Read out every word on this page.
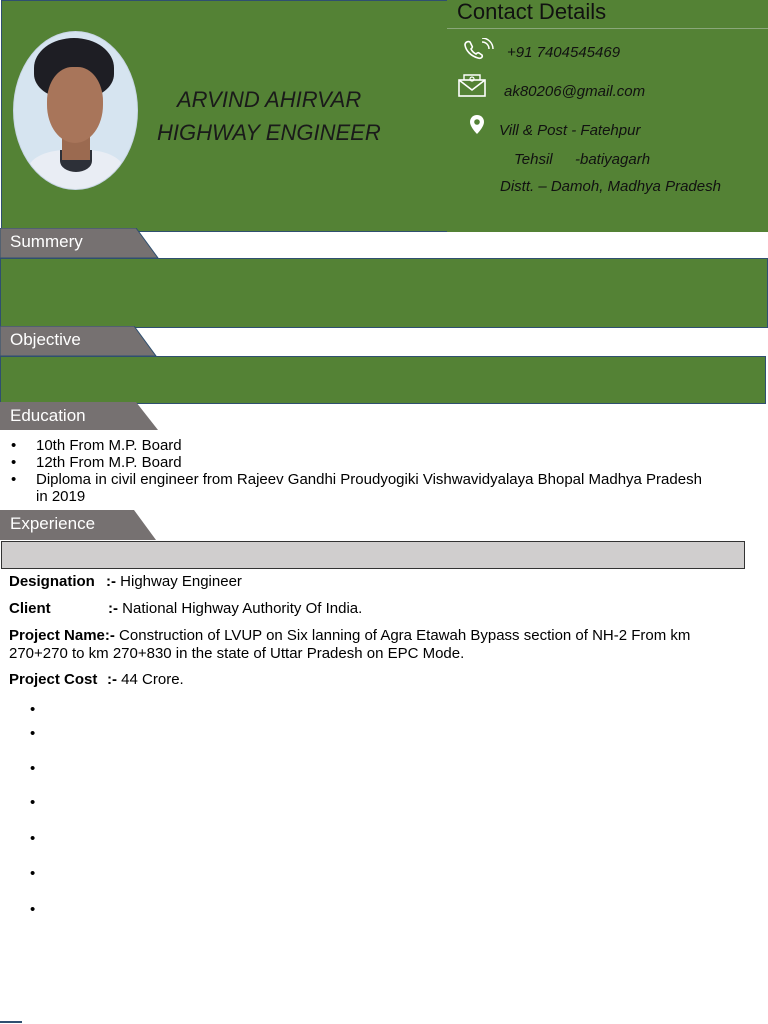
ARVIND AHIRVAR
HIGHWAY ENGINEER
Contact Details
+91 7404545469
ak80206@gmail.com
Vill & Post - Fatehpur
Tehsil -batiyagarh
Distt. – Damoh, Madhya Pradesh
Summery
Objective
Education
• 10th From M.P. Board
• 12th From M.P. Board
• Diploma in civil engineer from Rajeev Gandhi Proudyogiki Vishwavidyalaya Bhopal Madhya Pradesh in 2019
Experience
Designation :- Highway Engineer
Client	:- National Highway Authority Of India.
Project Name:- Construction of LVUP on Six lanning of Agra Etawah Bypass section of NH-2 From km
270+270 to km 270+830 in the state of Uttar Pradesh on EPC Mode.
Project Cost :- 44 Crore.
•
•
•
•
•
•
•
